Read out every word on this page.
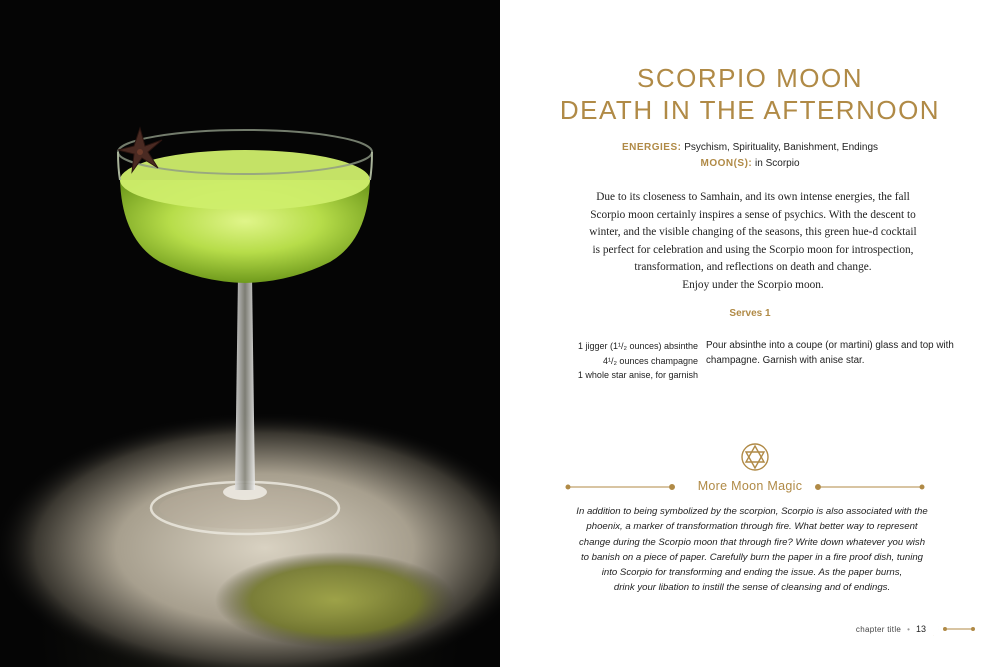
SCORPIO MOON
DEATH IN THE AFTERNOON
ENERGIES: Psychism, Spirituality, Banishment, Endings
MOON(S): in Scorpio

Due to its closeness to Samhain, and its own intense energies, the fall

Scorpio moon certainly inspires a sense of psychics. With the descent to

winter, and the visible changing of the seasons, this green hue-d cocktail

is perfect for celebration and using the Scorpio moon for introspection,

transformation, and reflections on death and change.

Enjoy under the Scorpio moon.

Serves 1
1 jigger (1¹/₂ ounces) absinthe
4¹/₂ ounces champagne
1 whole star anise, for garnish
Pour absinthe into a coupe (or martini) glass and top with champagne. Garnish with anise star.
More Moon Magic

In addition to being symbolized by the scorpion, Scorpio is also associated with the

phoenix, a marker of transformation through fire. What better way to represent

change during the Scorpio moon that through fire? Write down whatever you wish

to banish on a piece of paper. Carefully burn the paper in a fire proof dish, tuning

into Scorpio for transforming and ending the issue. As the paper burns,

drink your libation to instill the sense of cleansing and of endings.

chapter title • 13
